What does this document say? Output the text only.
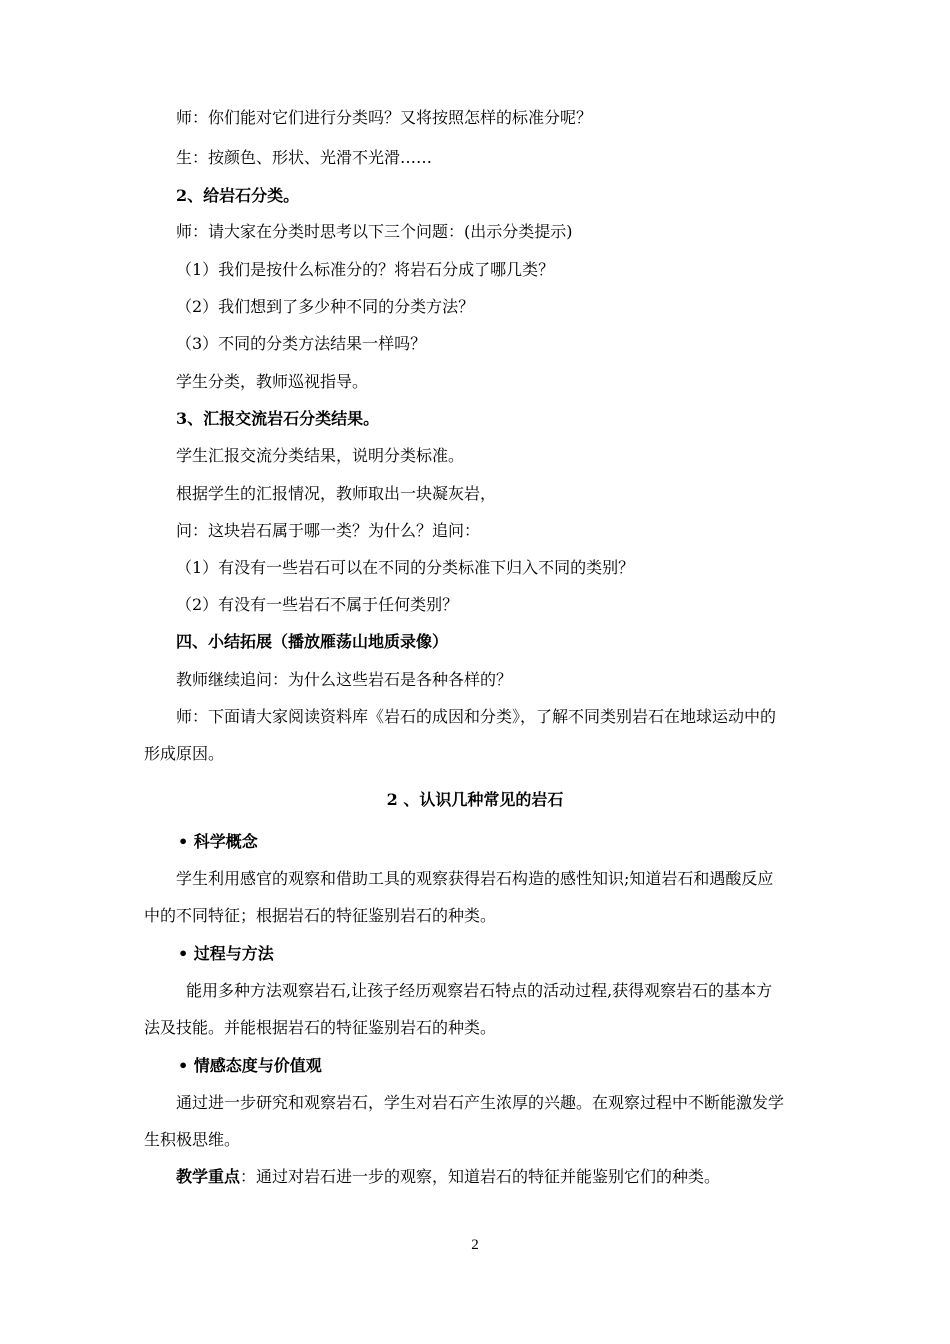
师：你们能对它们进行分类吗？又将按照怎样的标准分呢？
生：按颜色、形状、光滑不光滑……
2、给岩石分类。
师：请大家在分类时思考以下三个问题：(出示分类提示)
（1）我们是按什么标准分的？将岩石分成了哪几类？
（2）我们想到了多少种不同的分类方法？
（3）不同的分类方法结果一样吗？
学生分类，教师巡视指导。
3、汇报交流岩石分类结果。
学生汇报交流分类结果，说明分类标准。
根据学生的汇报情况，教师取出一块凝灰岩，
问：这块岩石属于哪一类？为什么？追问：
（1）有没有一些岩石可以在不同的分类标准下归入不同的类别？
（2）有没有一些岩石不属于任何类别？
四、小结拓展（播放雁荡山地质录像）
教师继续追问：为什么这些岩石是各种各样的？
师：下面请大家阅读资料库《岩石的成因和分类》，了解不同类别岩石在地球运动中的
形成原因。
2 、认识几种常见的岩石
• 科学概念
学生利用感官的观察和借助工具的观察获得岩石构造的感性知识;知道岩石和遇酸反应
中的不同特征；根据岩石的特征鉴别岩石的种类。
• 过程与方法
能用多种方法观察岩石,让孩子经历观察岩石特点的活动过程,获得观察岩石的基本方
法及技能。并能根据岩石的特征鉴别岩石的种类。
• 情感态度与价值观
通过进一步研究和观察岩石，学生对岩石产生浓厚的兴趣。在观察过程中不断能激发学
生积极思维。
教学重点：通过对岩石进一步的观察，知道岩石的特征并能鉴别它们的种类。
2
